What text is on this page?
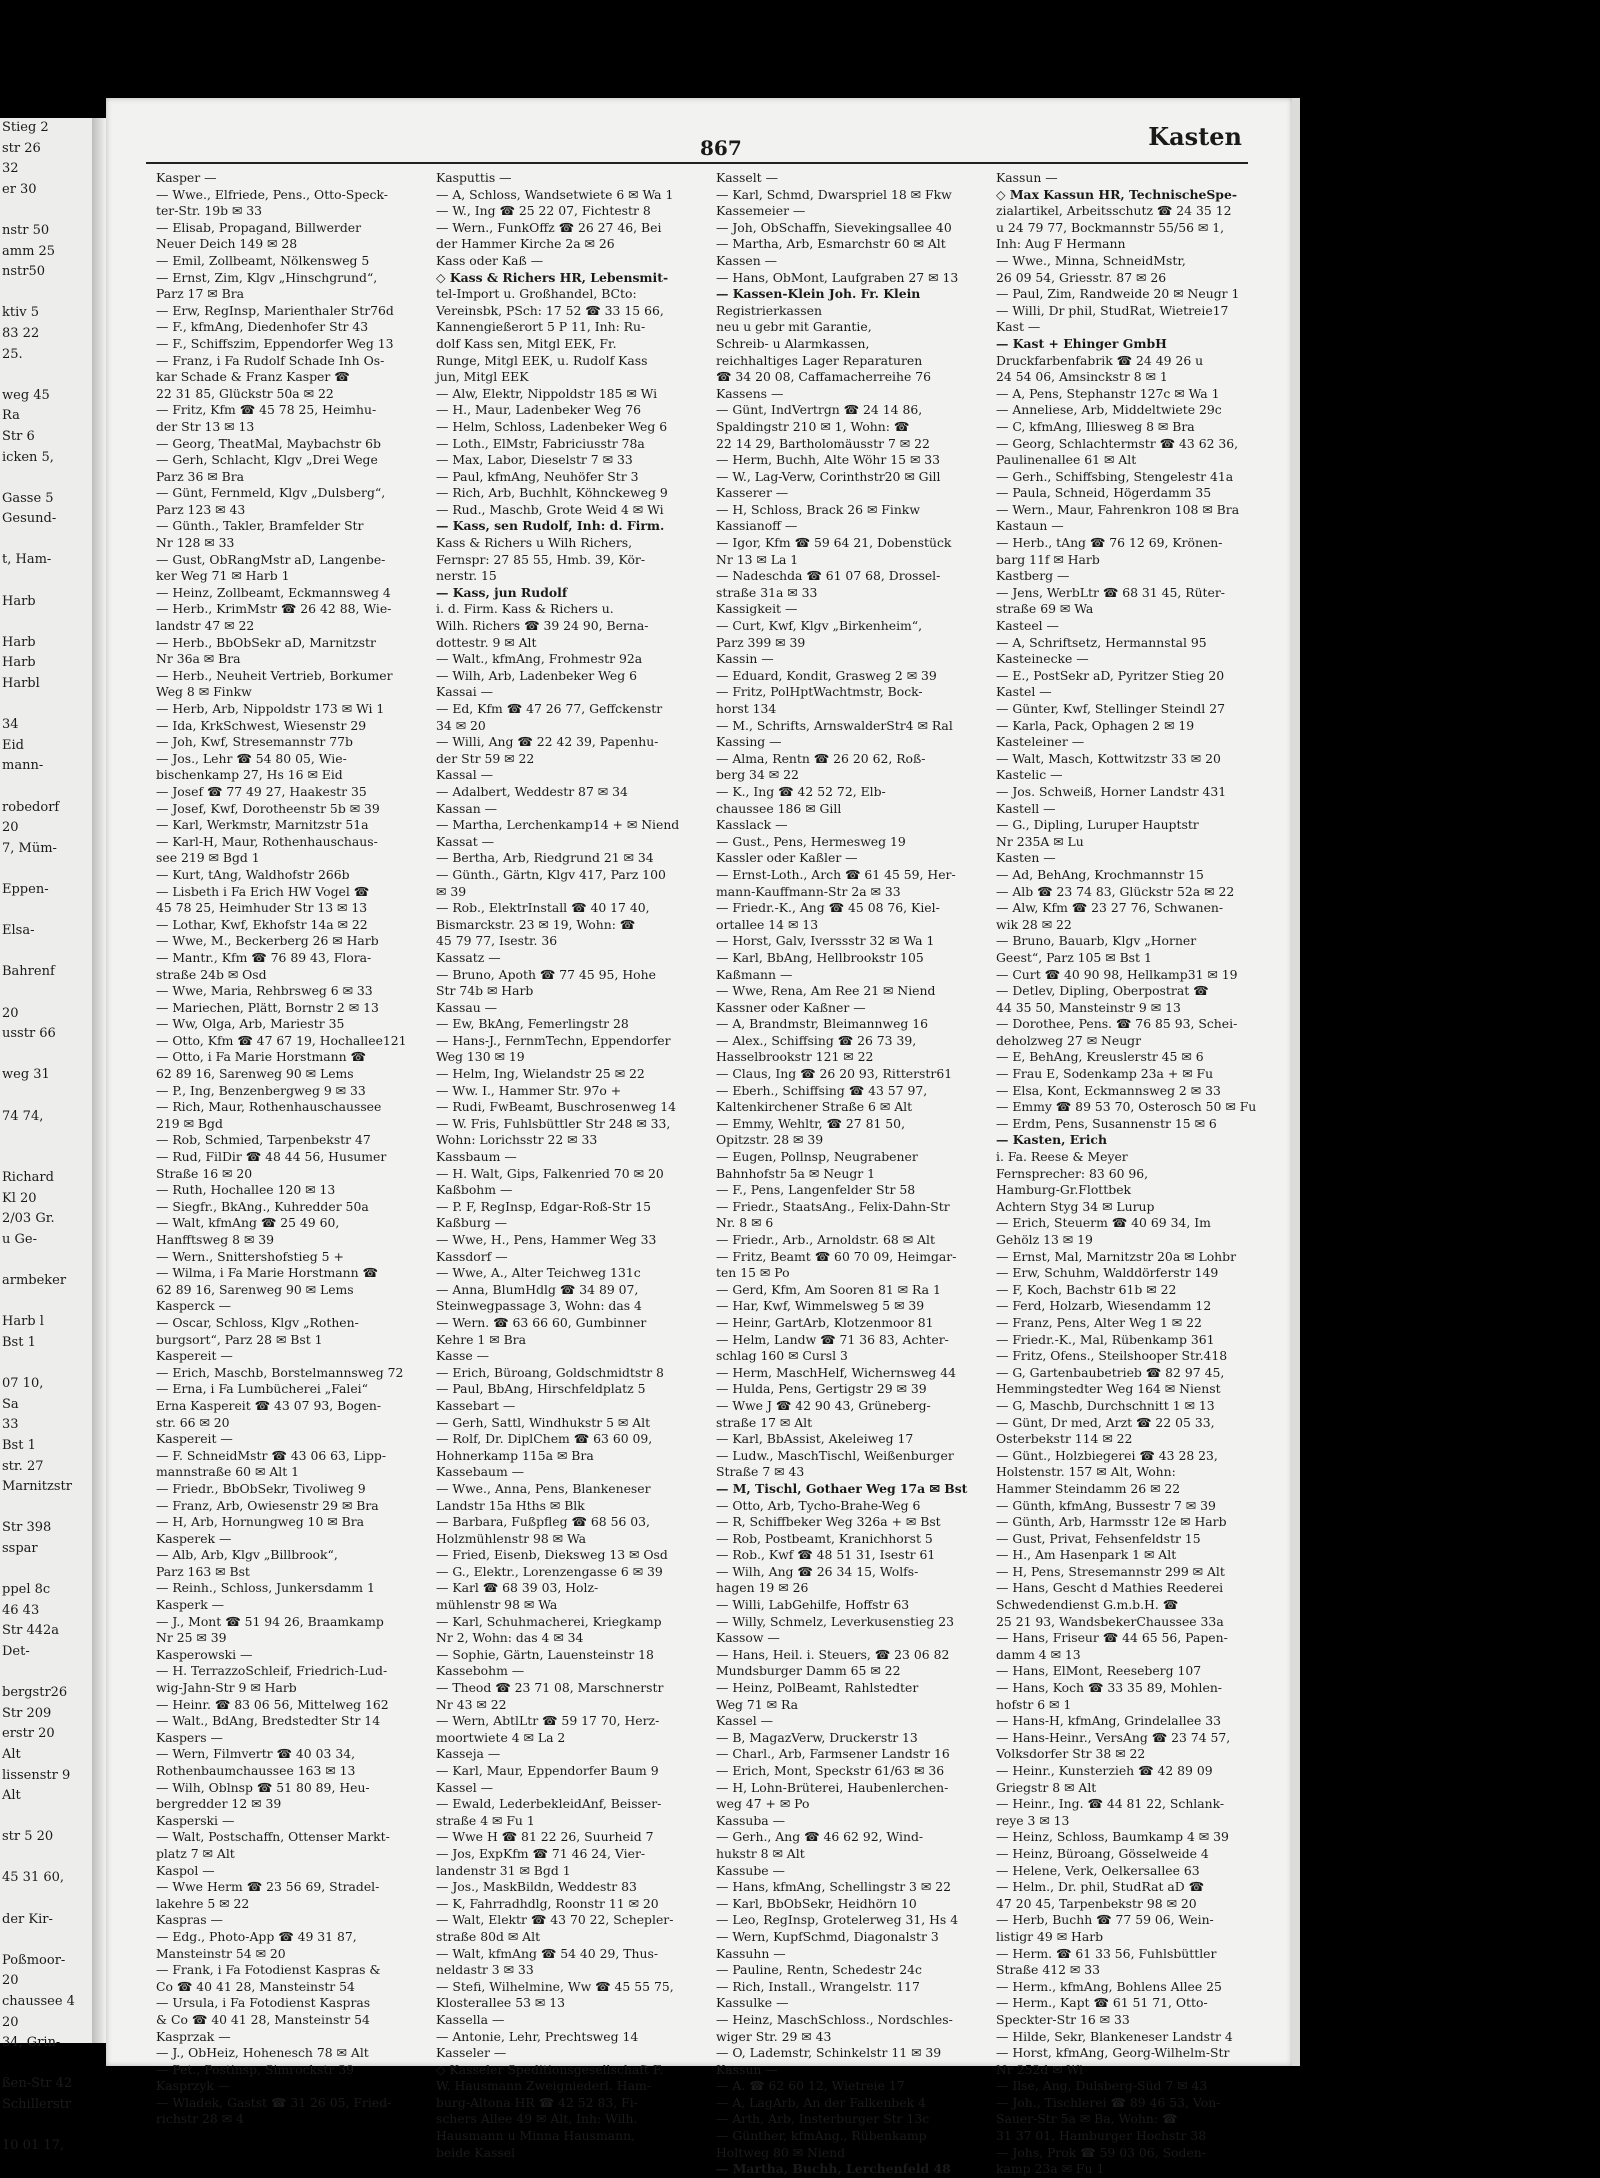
Stieg 2
str 26
32
er 30

nstr 50
amm 25
nstr50

ktiv 5
83 22
25.

weg 45
Ra
Str 6
icken 5,

Gasse 5
Gesund-

t, Ham-

Harb

Harb
Harb
Harbl

34
Eid
mann-

robedorf
20
7, Müm-

Eppen-

Elsa-

Bahrenf

20
usstr 66

weg 31

74 74,

Richard
Kl 20
2/03 Gr.
u Ge-

armbeker

Harb l
Bst 1

07 10,
Sa
33
Bst 1
str. 27
Marnitzstr

Str 398
sspar

ppel 8c
46 43
Str 442a
Det-

bergstr26
Str 209
erstr 20
Alt
lissenstr 9
Alt

str 5 20

45 31 60,

der Kir-

Poßmoor-
20
chaussee 4
20
34, Grin-

ßen-Str 42
Schillerstr

10 01 17,
867	Kasten
Kasper —
— Wwe., Elfriede, Pens., Otto-Speck-
ter-Str. 19b ✉ 33
— Elisab, Propagand, Billwerder
Neuer Deich 149 ✉ 28
— Emil, Zollbeamt, Nölkensweg 5
— Ernst, Zim, Klgv „Hinschgrund“,
Parz 17 ✉ Bra
— Erw, RegInsp, Marienthaler Str76d
— F., kfmAng, Diedenhofer Str 43
— F., Schiffszim, Eppendorfer Weg 13
— Franz, i Fa Rudolf Schade Inh Os-
kar Schade & Franz Kasper ☎
22 31 85, Glückstr 50a ✉ 22
— Fritz, Kfm ☎ 45 78 25, Heimhu-
der Str 13 ✉ 13
— Georg, TheatMal, Maybachstr 6b
— Gerh, Schlacht, Klgv „Drei Wege
Parz 36 ✉ Bra
— Günt, Fernmeld, Klgv „Dulsberg“,
Parz 123 ✉ 43
— Günth., Takler, Bramfelder Str
Nr 128 ✉ 33
— Gust, ObRangMstr aD, Langenbe-
ker Weg 71 ✉ Harb 1
— Heinz, Zollbeamt, Eckmannsweg 4
— Herb., KrimMstr ☎ 26 42 88, Wie-
landstr 47 ✉ 22
— Herb., BbObSekr aD, Marnitzstr
Nr 36a ✉ Bra
— Herb., Neuheit Vertrieb, Borkumer
Weg 8 ✉ Finkw
— Herb, Arb, Nippoldstr 173 ✉ Wi 1
— Ida, KrkSchwest, Wiesenstr 29
— Joh, Kwf, Stresemannstr 77b
— Jos., Lehr ☎ 54 80 05, Wie-
bischenkamp 27, Hs 16 ✉ Eid
— Josef ☎ 77 49 27, Haakestr 35
— Josef, Kwf, Dorotheenstr 5b ✉ 39
— Karl, Werkmstr, Marnitzstr 51a
— Karl-H, Maur, Rothenhauschaus-
see 219 ✉ Bgd 1
— Kurt, tAng, Waldhofstr 266b
— Lisbeth i Fa Erich HW Vogel ☎
45 78 25, Heimhuder Str 13 ✉ 13
— Lothar, Kwf, Ekhofstr 14a ✉ 22
— Wwe, M., Beckerberg 26 ✉ Harb
— Mantr., Kfm ☎ 76 89 43, Flora-
straße 24b ✉ Osd
— Wwe, Maria, Rehbrsweg 6 ✉ 33
— Mariechen, Plätt, Bornstr 2 ✉ 13
— Ww, Olga, Arb, Mariestr 35
— Otto, Kfm ☎ 47 67 19, Hochallee121
— Otto, i Fa Marie Horstmann ☎
62 89 16, Sarenweg 90 ✉ Lems
— P., Ing, Benzenbergweg 9 ✉ 33
— Rich, Maur, Rothenhauschaussee
219 ✉ Bgd
— Rob, Schmied, Tarpenbekstr 47
— Rud, FilDir ☎ 48 44 56, Husumer
Straße 16 ✉ 20
— Ruth, Hochallee 120 ✉ 13
— Siegfr., BkAng., Kuhredder 50a
— Walt, kfmAng ☎ 25 49 60,
Hanfftsweg 8 ✉ 39
— Wern., Snittershofstieg 5 +
— Wilma, i Fa Marie Horstmann ☎
62 89 16, Sarenweg 90 ✉ Lems
Kasperck —
— Oscar, Schloss, Klgv „Rothen-
burgsort“, Parz 28 ✉ Bst 1
Kaspereit —
— Erich, Maschb, Borstelmannsweg 72
— Erna, i Fa Lumbücherei „Falei“
Erna Kaspereit ☎ 43 07 93, Bogen-
str. 66 ✉ 20
Kaspereit —
— F. SchneidMstr ☎ 43 06 63, Lipp-
mannstraße 60 ✉ Alt 1
— Friedr., BbObSekr, Tivoliweg 9
— Franz, Arb, Owiesenstr 29 ✉ Bra
— H, Arb, Hornungweg 10 ✉ Bra
Kasperek —
— Alb, Arb, Klgv „Billbrook“,
Parz 163 ✉ Bst
— Reinh., Schloss, Junkersdamm 1
Kasperk —
— J., Mont ☎ 51 94 26, Braamkamp
Nr 25 ✉ 39
Kasperowski —
— H. TerrazzoSchleif, Friedrich-Lud-
wig-Jahn-Str 9 ✉ Harb
— Heinr. ☎ 83 06 56, Mittelweg 162
— Walt., BdAng, Bredstedter Str 14
Kaspers —
— Wern, Filmvertr ☎ 40 03 34,
Rothenbaumchaussee 163 ✉ 13
— Wilh, Oblnsp ☎ 51 80 89, Heu-
bergredder 12 ✉ 39
Kasperski —
— Walt, Postschaffn, Ottenser Markt-
platz 7 ✉ Alt
Kaspol —
— Wwe Herm ☎ 23 56 69, Stradel-
lakehre 5 ✉ 22
Kaspras —
— Edg., Photo-App ☎ 49 31 87,
Mansteinstr 54 ✉ 20
— Frank, i Fa Fotodienst Kaspras &
Co ☎ 40 41 28, Mansteinstr 54
— Ursula, i Fa Fotodienst Kaspras
& Co ☎ 40 41 28, Mansteinstr 54
Kasprzak —
— J., ObHeiz, Hohenesch 78 ✉ Alt
— Pet., Postinsp, Simrockstr 39
Kasprzyk —
— Wladek, Gastst ☎ 31 26 05, Fried-
richstr 28 ✉ 4
Kasputtis —
— A, Schloss, Wandsetwiete 6 ✉ Wa 1
— W., Ing ☎ 25 22 07, Fichtestr 8
— Wern., FunkOffz ☎ 26 27 46, Bei
der Hammer Kirche 2a ✉ 26
Kass oder Kaß —
◇ Kass & Richers HR, Lebensmit-
tel-Import u. Großhandel, BCto:
Vereinsbk, PSch: 17 52 ☎ 33 15 66,
Kannengießerort 5 P 11, Inh: Ru-
dolf Kass sen, Mitgl EEK, Fr.
Runge, Mitgl EEK, u. Rudolf Kass
jun, Mitgl EEK
— Alw, Elektr, Nippoldstr 185 ✉ Wi
— H., Maur, Ladenbeker Weg 76
— Helm, Schloss, Ladenbeker Weg 6
— Loth., ElMstr, Fabriciusstr 78a
— Max, Labor, Dieselstr 7 ✉ 33
— Paul, kfmAng, Neuhöfer Str 3
— Rich, Arb, Buchhlt, Köhnckeweg 9
— Rud., Maschb, Grote Weid 4 ✉ Wi
— Kass, sen Rudolf, Inh: d. Firm.
Kass & Richers u Wilh Richers,
Fernspr: 27 85 55, Hmb. 39, Kör-
nerstr. 15
— Kass, jun Rudolf
i. d. Firm. Kass & Richers u.
Wilh. Richers ☎ 39 24 90, Berna-
dottestr. 9 ✉ Alt
— Walt., kfmAng, Frohmestr 92a
— Wilh, Arb, Ladenbeker Weg 6
Kassai —
— Ed, Kfm ☎ 47 26 77, Geffckenstr
34 ✉ 20
— Willi, Ang ☎ 22 42 39, Papenhu-
der Str 59 ✉ 22
Kassal —
— Adalbert, Weddestr 87 ✉ 34
Kassan —
— Martha, Lerchenkamp14 + ✉ Niend
Kassat —
— Bertha, Arb, Riedgrund 21 ✉ 34
— Günth., Gärtn, Klgv 417, Parz 100
✉ 39
— Rob., ElektrInstall ☎ 40 17 40,
Bismarckstr. 23 ✉ 19, Wohn: ☎
45 79 77, Isestr. 36
Kassatz —
— Bruno, Apoth ☎ 77 45 95, Hohe
Str 74b ✉ Harb
Kassau —
— Ew, BkAng, Femerlingstr 28
— Hans-J., FernmTechn, Eppendorfer
Weg 130 ✉ 19
— Helm, Ing, Wielandstr 25 ✉ 22
— Ww. I., Hammer Str. 97o +
— Rudi, FwBeamt, Buschrosenweg 14
— W. Fris, Fuhlsbüttler Str 248 ✉ 33,
Wohn: Lorichsstr 22 ✉ 33
Kassbaum —
— H. Walt, Gips, Falkenried 70 ✉ 20
Kaßbohm —
— P. F, RegInsp, Edgar-Roß-Str 15
Kaßburg —
— Wwe, H., Pens, Hammer Weg 33
Kassdorf —
— Wwe, A., Alter Teichweg 131c
— Anna, BlumHdlg ☎ 34 89 07,
Steinwegpassage 3, Wohn: das 4
— Wern. ☎ 63 66 60, Gumbinner
Kehre 1 ✉ Bra
Kasse —
— Erich, Büroang, Goldschmidtstr 8
— Paul, BbAng, Hirschfeldplatz 5
Kassebart —
— Gerh, Sattl, Windhukstr 5 ✉ Alt
— Rolf, Dr. DiplChem ☎ 63 60 09,
Hohnerkamp 115a ✉ Bra
Kassebaum —
— Wwe., Anna, Pens, Blankeneser
Landstr 15a Hths ✉ Blk
— Barbara, Fußpfleg ☎ 68 56 03,
Holzmühlenstr 98 ✉ Wa
— Fried, Eisenb, Dieksweg 13 ✉ Osd
— G., Elektr., Lorenzengasse 6 ✉ 39
— Karl ☎ 68 39 03, Holz-
mühlenstr 98 ✉ Wa
— Karl, Schuhmacherei, Kriegkamp
Nr 2, Wohn: das 4 ✉ 34
— Sophie, Gärtn, Lauensteinstr 18
Kassebohm —
— Theod ☎ 23 71 08, Marschnerstr
Nr 43 ✉ 22
— Wern, AbtlLtr ☎ 59 17 70, Herz-
moortwiete 4 ✉ La 2
Kasseja —
— Karl, Maur, Eppendorfer Baum 9
Kassel —
— Ewald, LederbekleidAnf, Beisser-
straße 4 ✉ Fu 1
— Wwe H ☎ 81 22 26, Suurheid 7
— Jos, ExpKfm ☎ 71 46 24, Vier-
landenstr 31 ✉ Bgd 1
— Jos., MaskBildn, Weddestr 83
— K, Fahrradhdlg, Roonstr 11 ✉ 20
— Walt, Elektr ☎ 43 70 22, Schepler-
straße 80d ✉ Alt
— Walt, kfmAng ☎ 54 40 29, Thus-
neldastr 3 ✉ 33
— Stefi, Wilhelmine, Ww ☎ 45 55 75,
Klosterallee 53 ✉ 13
Kassella —
— Antonie, Lehr, Prechtsweg 14
Kasseler —
◇ Kasseler Speditionsgesellschaft F.
W. Hausmann Zweigniederl. Ham-
burg-Altona HR ☎ 42 52 83, Fi-
schers Allee 49 ✉ Alt, Inh: Wilh.
Hausmann u Minna Hausmann,
beide Kassel
Kasselt —
— Karl, Schmd, Dwarspriel 18 ✉ Fkw
Kassemeier —
— Joh, ObSchaffn, Sievekingsallee 40
— Martha, Arb, Esmarchstr 60 ✉ Alt
Kassen —
— Hans, ObMont, Laufgraben 27 ✉ 13
— Kassen-Klein Joh. Fr. Klein
Registrierkassen
neu u gebr mit Garantie,
Schreib- u Alarmkassen,
reichhaltiges Lager Reparaturen
☎ 34 20 08, Caffamacherreihe 76
Kassens —
— Günt, IndVertrgn ☎ 24 14 86,
Spaldingstr 210 ✉ 1, Wohn: ☎
22 14 29, Bartholomäusstr 7 ✉ 22
— Herm, Buchh, Alte Wöhr 15 ✉ 33
— W., Lag-Verw, Corinthstr20 ✉ Gill
Kasserer —
— H, Schloss, Brack 26 ✉ Finkw
Kassianoff —
— Igor, Kfm ☎ 59 64 21, Dobenstück
Nr 13 ✉ La 1
— Nadeschda ☎ 61 07 68, Drossel-
straße 31a ✉ 33
Kassigkeit —
— Curt, Kwf, Klgv „Birkenheim“,
Parz 399 ✉ 39
Kassin —
— Eduard, Kondit, Grasweg 2 ✉ 39
— Fritz, PolHptWachtmstr, Bock-
horst 134
— M., Schrifts, ArnswalderStr4 ✉ Ral
Kassing —
— Alma, Rentn ☎ 26 20 62, Roß-
berg 34 ✉ 22
— K., Ing ☎ 42 52 72, Elb-
chaussee 186 ✉ Gill
Kasslack —
— Gust., Pens, Hermesweg 19
Kassler oder Kaßler —
— Ernst-Loth., Arch ☎ 61 45 59, Her-
mann-Kauffmann-Str 2a ✉ 33
— Friedr.-K., Ang ☎ 45 08 76, Kiel-
ortallee 14 ✉ 13
— Horst, Galv, Iverssstr 32 ✉ Wa 1
— Karl, BbAng, Hellbrookstr 105
Kaßmann —
— Wwe, Rena, Am Ree 21 ✉ Niend
Kassner oder Kaßner —
— A, Brandmstr, Bleimannweg 16
— Alex., Schiffsing ☎ 26 73 39,
Hasselbrookstr 121 ✉ 22
— Claus, Ing ☎ 26 20 93, Ritterstr61
— Eberh., Schiffsing ☎ 43 57 97,
Kaltenkirchener Straße 6 ✉ Alt
— Emmy, Wehltr, ☎ 27 81 50,
Opitzstr. 28 ✉ 39
— Eugen, Pollnsp, Neugrabener
Bahnhofstr 5a ✉ Neugr 1
— F., Pens, Langenfelder Str 58
— Friedr., StaatsAng., Felix-Dahn-Str
Nr. 8 ✉ 6
— Friedr., Arb., Arnoldstr. 68 ✉ Alt
— Fritz, Beamt ☎ 60 70 09, Heimgar-
ten 15 ✉ Po
— Gerd, Kfm, Am Sooren 81 ✉ Ra 1
— Har, Kwf, Wimmelsweg 5 ✉ 39
— Heinr, GartArb, Klotzenmoor 81
— Helm, Landw ☎ 71 36 83, Achter-
schlag 160 ✉ Cursl 3
— Herm, MaschHelf, Wichernsweg 44
— Hulda, Pens, Gertigstr 29 ✉ 39
— Wwe J ☎ 42 90 43, Grüneberg-
straße 17 ✉ Alt
— Karl, BbAssist, Akeleiweg 17
— Ludw., MaschTischl, Weißenburger
Straße 7 ✉ 43
— M, Tischl, Gothaer Weg 17a ✉ Bst
— Otto, Arb, Tycho-Brahe-Weg 6
— R, Schiffbeker Weg 326a + ✉ Bst
— Rob, Postbeamt, Kranichhorst 5
— Rob., Kwf ☎ 48 51 31, Isestr 61
— Wilh, Ang ☎ 26 34 15, Wolfs-
hagen 19 ✉ 26
— Willi, LabGehilfe, Hoffstr 63
— Willy, Schmelz, Leverkusenstieg 23
Kassow —
— Hans, Heil. i. Steuers, ☎ 23 06 82
Mundsburger Damm 65 ✉ 22
— Heinz, PolBeamt, Rahlstedter
Weg 71 ✉ Ra
Kassel —
— B, MagazVerw, Druckerstr 13
— Charl., Arb, Farmsener Landstr 16
— Erich, Mont, Speckstr 61/63 ✉ 36
— H, Lohn-Brüterei, Haubenlerchen-
weg 47 + ✉ Po
Kassuba —
— Gerh., Ang ☎ 46 62 92, Wind-
hukstr 8 ✉ Alt
Kassube —
— Hans, kfmAng, Schellingstr 3 ✉ 22
— Karl, BbObSekr, Heidhörn 10
— Leo, RegInsp, Grotelerweg 31, Hs 4
— Wern, KupfSchmd, Diagonalstr 3
Kassuhn —
— Pauline, Rentn, Schedestr 24c
— Rich, Install., Wrangelstr. 117
Kassulke —
— Heinz, MaschSchloss., Nordschles-
wiger Str. 29 ✉ 43
— O, Lademstr, Schinkelstr 11 ✉ 39
Kassun —
— A. ☎ 62 60 12, Wietreie 17
— A, LagArb, An der Falkenbek 4
— Arth, Arb, Insterburger Str 13c
— Günther, kfmAng., Rübenkamp
Holtweg 80 ✉ Niend
— Martha, Buchh, Lerchenfeld 48
Kassun —
◇ Max Kassun HR, TechnischeSpe-
zialartikel, Arbeitsschutz ☎ 24 35 12
u 24 79 77, Bockmannstr 55/56 ✉ 1,
Inh: Aug F Hermann
— Wwe., Minna, SchneidMstr,
26 09 54, Griesstr. 87 ✉ 26
— Paul, Zim, Randweide 20 ✉ Neugr 1
— Willi, Dr phil, StudRat, Wietreie17
Kast —
— Kast + Ehinger GmbH
Druckfarbenfabrik ☎ 24 49 26 u
24 54 06, Amsinckstr 8 ✉ 1
— A, Pens, Stephanstr 127c ✉ Wa 1
— Anneliese, Arb, Middeltwiete 29c
— C, kfmAng, Illiesweg 8 ✉ Bra
— Georg, Schlachtermstr ☎ 43 62 36,
Paulinenallee 61 ✉ Alt
— Gerh., Schiffsbing, Stengelestr 41a
— Paula, Schneid, Högerdamm 35
— Wern., Maur, Fahrenkron 108 ✉ Bra
Kastaun —
— Herb., tAng ☎ 76 12 69, Krönen-
barg 11f ✉ Harb
Kastberg —
— Jens, WerbLtr ☎ 68 31 45, Rüter-
straße 69 ✉ Wa
Kasteel —
— A, Schriftsetz, Hermannstal 95
Kasteinecke —
— E., PostSekr aD, Pyritzer Stieg 20
Kastel —
— Günter, Kwf, Stellinger Steindl 27
— Karla, Pack, Ophagen 2 ✉ 19
Kasteleiner —
— Walt, Masch, Kottwitzstr 33 ✉ 20
Kastelic —
— Jos. Schweiß, Horner Landstr 431
Kastell —
— G., Dipling, Luruper Hauptstr
Nr 235A ✉ Lu
Kasten —
— Ad, BehAng, Krochmannstr 15
— Alb ☎ 23 74 83, Glückstr 52a ✉ 22
— Alw, Kfm ☎ 23 27 76, Schwanen-
wik 28 ✉ 22
— Bruno, Bauarb, Klgv „Horner
Geest“, Parz 105 ✉ Bst 1
— Curt ☎ 40 90 98, Hellkamp31 ✉ 19
— Detlev, Dipling, Oberpostrat ☎
44 35 50, Mansteinstr 9 ✉ 13
— Dorothee, Pens. ☎ 76 85 93, Schei-
deholzweg 27 ✉ Neugr
— E, BehAng, Kreuslerstr 45 ✉ 6
— Frau E, Sodenkamp 23a + ✉ Fu
— Elsa, Kont, Eckmannsweg 2 ✉ 33
— Emmy ☎ 89 53 70, Osterosch 50 ✉ Fu
— Erdm, Pens, Susannenstr 15 ✉ 6
— Kasten, Erich
i. Fa. Reese & Meyer
Fernsprecher: 83 60 96,
Hamburg-Gr.Flottbek
Achtern Styg 34 ✉ Lurup
— Erich, Steuerm ☎ 40 69 34, Im
Gehölz 13 ✉ 19
— Ernst, Mal, Marnitzstr 20a ✉ Lohbr
— Erw, Schuhm, Walddörferstr 149
— F, Koch, Bachstr 61b ✉ 22
— Ferd, Holzarb, Wiesendamm 12
— Franz, Pens, Alter Weg 1 ✉ 22
— Friedr.-K., Mal, Rübenkamp 361
— Fritz, Ofens., Steilshooper Str.418
— G, Gartenbaubetrieb ☎ 82 97 45,
Hemmingstedter Weg 164 ✉ Nienst
— G, Maschb, Durchschnitt 1 ✉ 13
— Günt, Dr med, Arzt ☎ 22 05 33,
Osterbekstr 114 ✉ 22
— Günt., Holzbiegerei ☎ 43 28 23,
Holstenstr. 157 ✉ Alt, Wohn:
Hammer Steindamm 26 ✉ 22
— Günth, kfmAng, Bussestr 7 ✉ 39
— Günth, Arb, Harmsstr 12e ✉ Harb
— Gust, Privat, Fehsenfeldstr 15
— H., Am Hasenpark 1 ✉ Alt
— H, Pens, Stresemannstr 299 ✉ Alt
— Hans, Gescht d Mathies Reederei
Schwedendienst G.m.b.H. ☎
25 21 93, WandsbekerChaussee 33a
— Hans, Friseur ☎ 44 65 56, Papen-
damm 4 ✉ 13
— Hans, ElMont, Reeseberg 107
— Hans, Koch ☎ 33 35 89, Mohlen-
hofstr 6 ✉ 1
— Hans-H, kfmAng, Grindelallee 33
— Hans-Heinr., VersAng ☎ 23 74 57,
Volksdorfer Str 38 ✉ 22
— Heinr., Kunsterzieh ☎ 42 89 09
Griegstr 8 ✉ Alt
— Heinr., Ing. ☎ 44 81 22, Schlank-
reye 3 ✉ 13
— Heinz, Schloss, Baumkamp 4 ✉ 39
— Heinz, Büroang, Gösselweide 4
— Helene, Verk, Oelkersallee 63
— Helm., Dr. phil, StudRat aD ☎
47 20 45, Tarpenbekstr 98 ✉ 20
— Herb, Buchh ☎ 77 59 06, Wein-
listigr 49 ✉ Harb
— Herm. ☎ 61 33 56, Fuhlsbüttler
Straße 412 ✉ 33
— Herm., kfmAng, Bohlens Allee 25
— Herm., Kapt ☎ 61 51 71, Otto-
Speckter-Str 16 ✉ 33
— Hilde, Sekr, Blankeneser Landstr 4
— Horst, kfmAng, Georg-Wilhelm-Str
Nr 252d ✉ Wi
— Ilse, Ang, Dulsberg-Süd 7 ✉ 43
— Joh., Tischlerei ☎ 89 46 53, Von-
Sauer-Str 5a ✉ Ba, Wohn: ☎
31 37 01, Hamburger Hochstr 38
— Johs, Prok ☎ 59 03 06, Soden-
kamp 23a ✉ Fu 1
